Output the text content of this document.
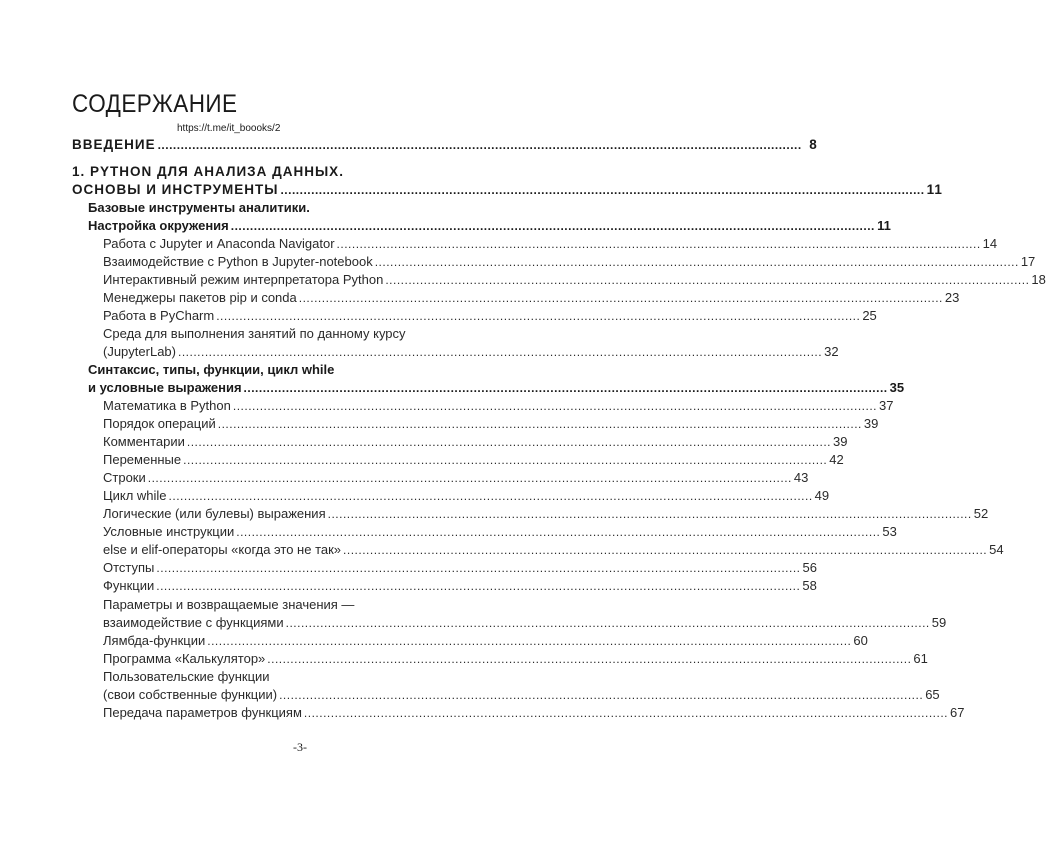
СОДЕРЖАНИЕ
https://t.me/it_boooks/2
ВВЕДЕНИЕ ........................................................................................................................................................................ 8
1. PYTHON ДЛЯ АНАЛИЗА ДАННЫХ.
ОСНОВЫ И ИНСТРУМЕНТЫ ........................................................................................................................................................................ 11
Базовые инструменты аналитики.
Настройка окружения ........................................................................................................................................................................ 11
Работа с Jupyter и Anaconda Navigator ........................................................................................................................................................................ 14
Взаимодействие с Python в Jupyter-notebook ........................................................................................................................................................................ 17
Интерактивный режим интерпретатора Python ........................................................................................................................................................................ 18
Менеджеры пакетов pip и conda ........................................................................................................................................................................ 23
Работа в PyCharm ........................................................................................................................................................................ 25
Среда для выполнения занятий по данному курсу
(JupyterLab) ........................................................................................................................................................................ 32
Синтаксис, типы, функции, цикл while
и условные выражения ........................................................................................................................................................................ 35
Математика в Python ........................................................................................................................................................................ 37
Порядок операций ........................................................................................................................................................................ 39
Комментарии ........................................................................................................................................................................ 39
Переменные ........................................................................................................................................................................ 42
Строки ........................................................................................................................................................................ 43
Цикл while ........................................................................................................................................................................ 49
Логические (или булевы) выражения ........................................................................................................................................................................ 52
Условные инструкции ........................................................................................................................................................................ 53
else и elif-операторы «когда это не так» ........................................................................................................................................................................ 54
Отступы ........................................................................................................................................................................ 56
Функции ........................................................................................................................................................................ 58
Параметры и возвращаемые значения —
взаимодействие с функциями ........................................................................................................................................................................ 59
Лямбда-функции ........................................................................................................................................................................ 60
Программа «Калькулятор» ........................................................................................................................................................................ 61
Пользовательские функции
(свои собственные функции) ........................................................................................................................................................................ 65
Передача параметров функциям ........................................................................................................................................................................ 67
-3-
